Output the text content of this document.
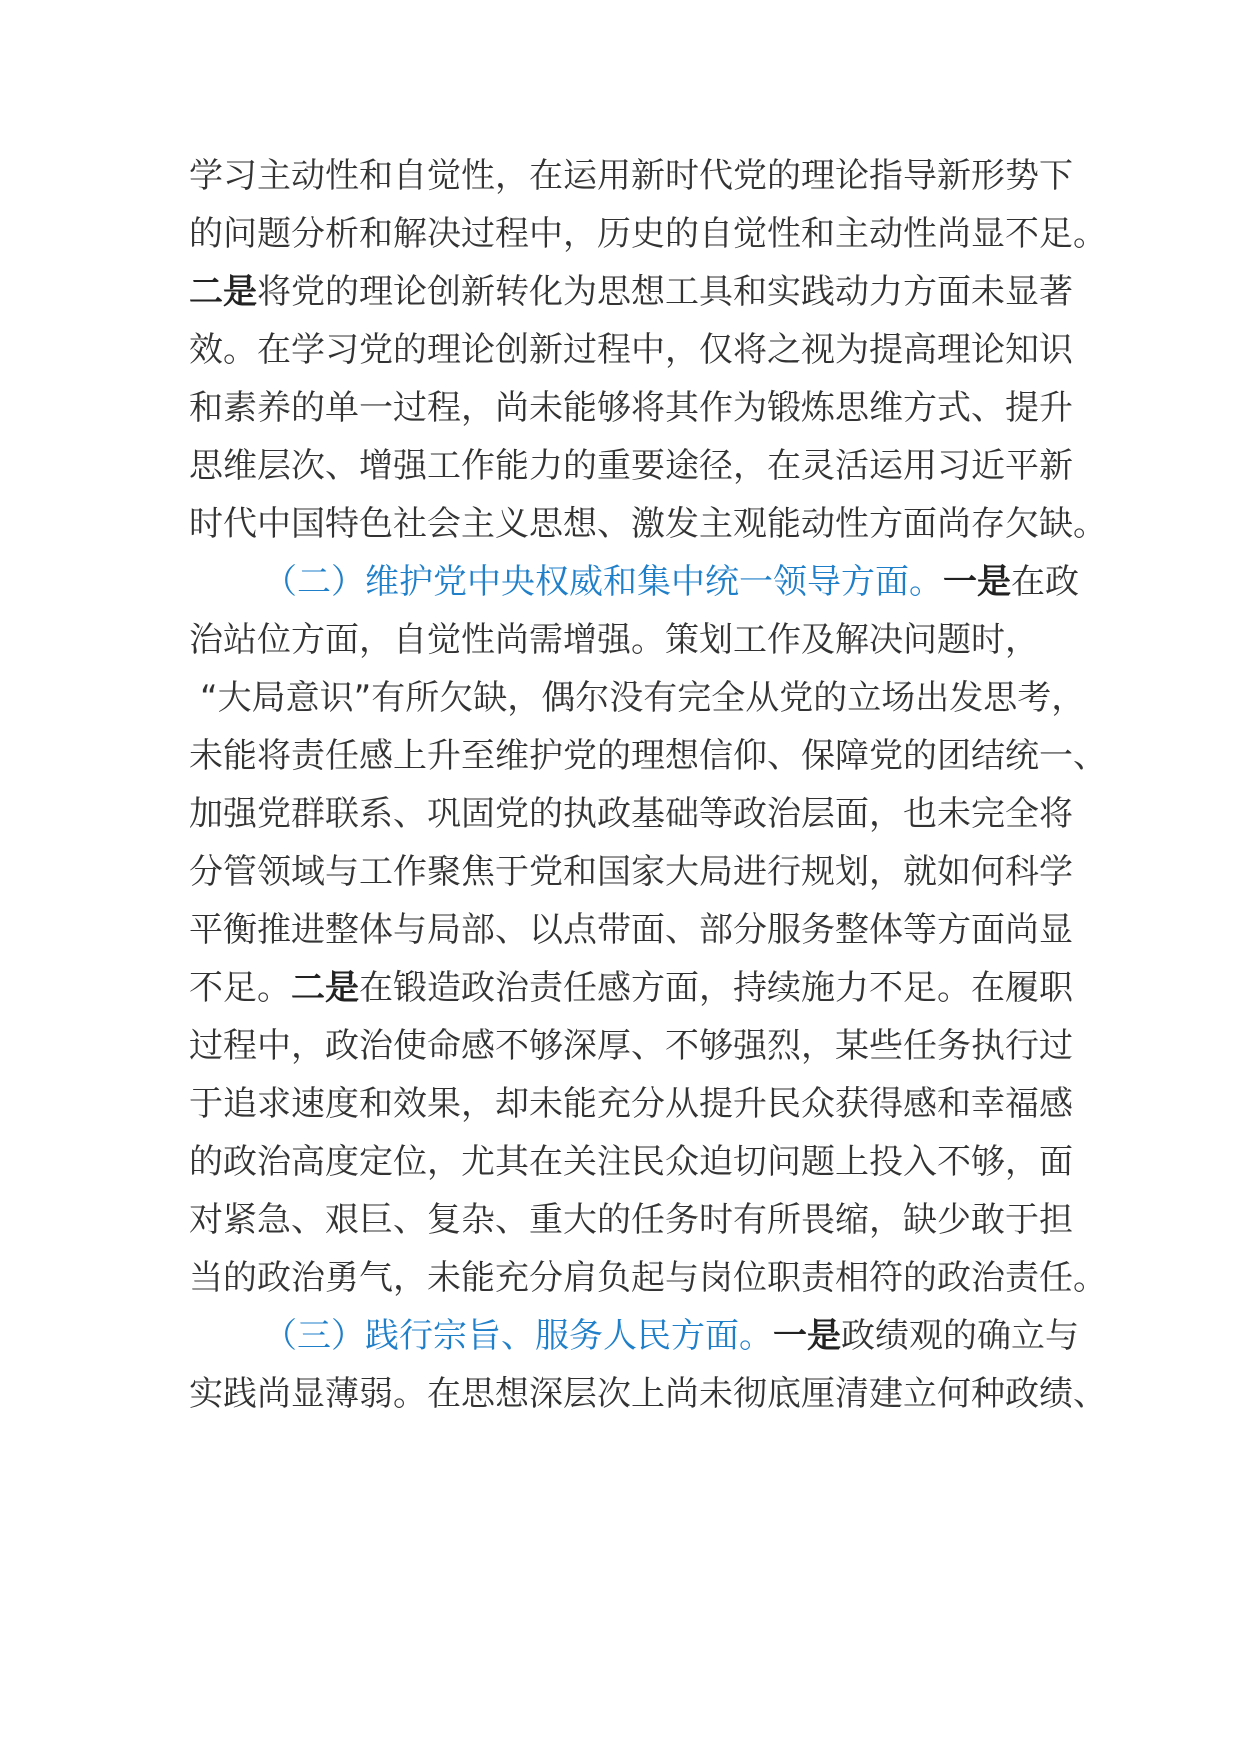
学习主动性和自觉性，在运用新时代党的理论指导新形势下
的问题分析和解决过程中，历史的自觉性和主动性尚显不足。
二是将党的理论创新转化为思想工具和实践动力方面未显著
效。在学习党的理论创新过程中，仅将之视为提高理论知识
和素养的单一过程，尚未能够将其作为锻炼思维方式、提升
思维层次、增强工作能力的重要途径，在灵活运用习近平新
时代中国特色社会主义思想、激发主观能动性方面尚存欠缺。
（二）维护党中央权威和集中统一领导方面。一是在政
治站位方面，自觉性尚需增强。策划工作及解决问题时，
“大局意识”有所欠缺，偶尔没有完全从党的立场出发思考，
未能将责任感上升至维护党的理想信仰、保障党的团结统一、
加强党群联系、巩固党的执政基础等政治层面，也未完全将
分管领域与工作聚焦于党和国家大局进行规划，就如何科学
平衡推进整体与局部、以点带面、部分服务整体等方面尚显
不足。二是在锻造政治责任感方面，持续施力不足。在履职
过程中，政治使命感不够深厚、不够强烈，某些任务执行过
于追求速度和效果，却未能充分从提升民众获得感和幸福感
的政治高度定位，尤其在关注民众迫切问题上投入不够，面
对紧急、艰巨、复杂、重大的任务时有所畏缩，缺少敢于担
当的政治勇气，未能充分肩负起与岗位职责相符的政治责任。
（三）践行宗旨、服务人民方面。一是政绩观的确立与
实践尚显薄弱。在思想深层次上尚未彻底厘清建立何种政绩、
